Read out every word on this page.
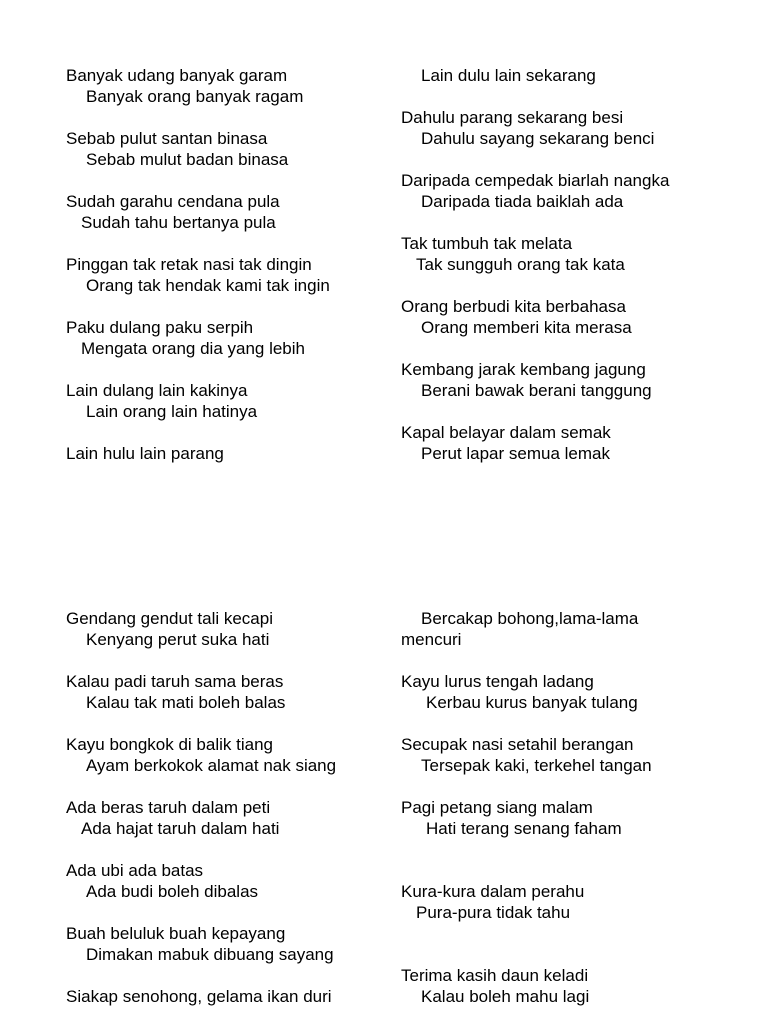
Banyak udang banyak garam
Banyak orang banyak ragam
Sebab pulut santan binasa
Sebab mulut badan binasa
Sudah garahu cendana pula
Sudah tahu bertanya pula
Pinggan tak retak nasi tak dingin
Orang tak hendak kami tak ingin
Paku dulang paku serpih
Mengata orang dia yang lebih
Lain dulang lain kakinya
Lain orang lain hatinya
Lain hulu lain parang
Lain dulu lain sekarang
Dahulu parang sekarang besi
Dahulu sayang sekarang benci
Daripada cempedak biarlah nangka
Daripada tiada baiklah ada
Tak tumbuh tak melata
Tak sungguh orang tak kata
Orang berbudi kita berbahasa
Orang memberi kita merasa
Kembang jarak kembang jagung
Berani bawak berani tanggung
Kapal belayar dalam semak
Perut lapar semua lemak
Gendang gendut tali kecapi
Kenyang perut suka hati
Kalau padi taruh sama beras
Kalau tak mati boleh balas
Kayu bongkok di balik tiang
Ayam berkokok alamat nak siang
Ada beras taruh dalam peti
Ada hajat taruh dalam hati
Ada ubi ada batas
Ada budi boleh dibalas
Buah beluluk buah kepayang
Dimakan mabuk dibuang sayang
Siakap senohong, gelama ikan duri
Bercakap bohong,lama-lama
mencuri
Kayu lurus tengah ladang
Kerbau kurus banyak tulang
Secupak nasi setahil berangan
Tersepak kaki, terkehel tangan
Pagi petang siang malam
Hati terang senang faham
Kura-kura dalam perahu
Pura-pura tidak tahu
Terima kasih daun keladi
Kalau boleh mahu lagi
